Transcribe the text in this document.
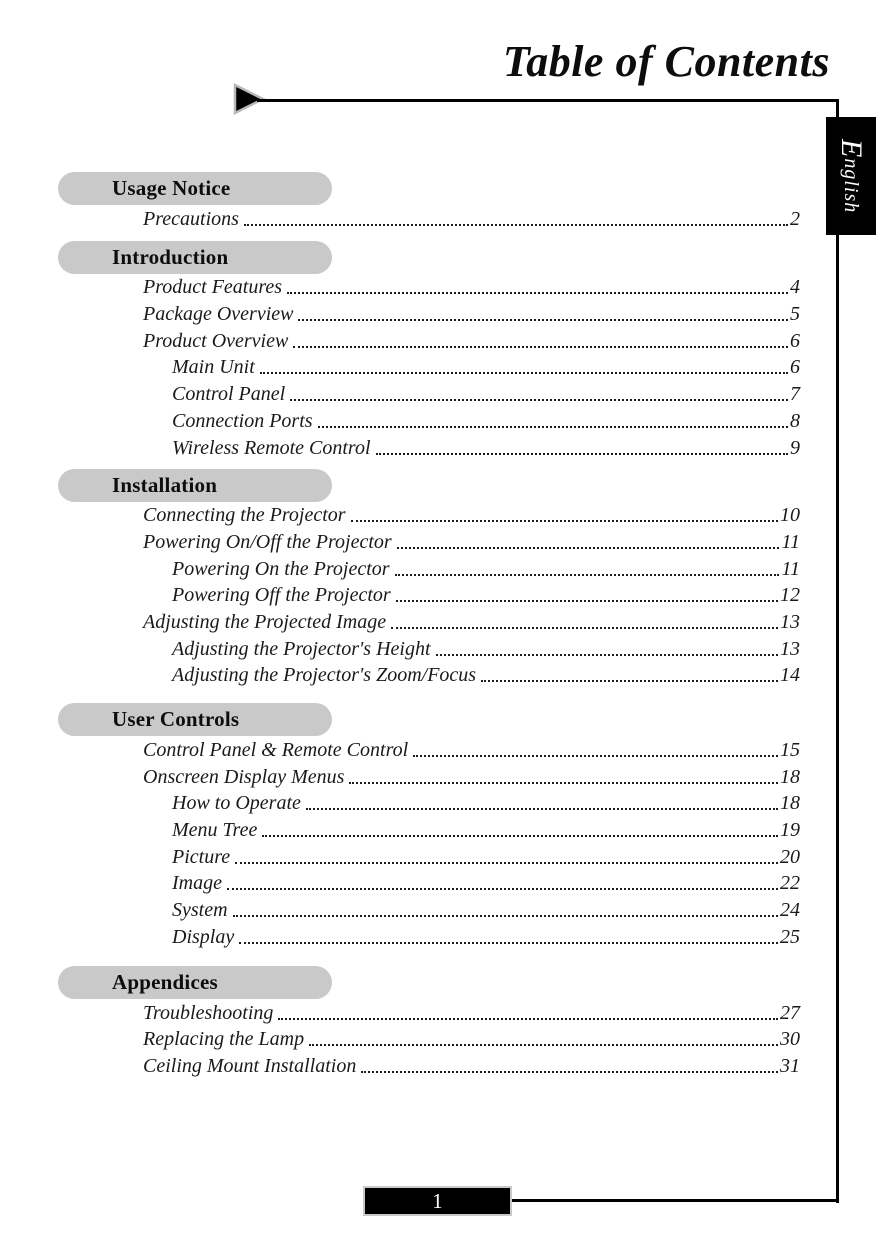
Table of Contents
English
Usage Notice
Precautions	2
Introduction
Product Features	4
Package Overview	5
Product Overview	6
Main Unit	6
Control Panel	7
Connection Ports	8
Wireless Remote Control	9
Installation
Connecting the Projector	10
Powering On/Off the Projector	11
Powering On the Projector	11
Powering Off the Projector	12
Adjusting the Projected Image	13
Adjusting the Projector's Height	13
Adjusting the Projector's Zoom/Focus	14
User Controls
Control Panel & Remote Control	15
Onscreen Display Menus	18
How to Operate	18
Menu Tree	19
Picture	20
Image	22
System	24
Display	25
Appendices
Troubleshooting	27
Replacing the Lamp	30
Ceiling Mount Installation	31
1
